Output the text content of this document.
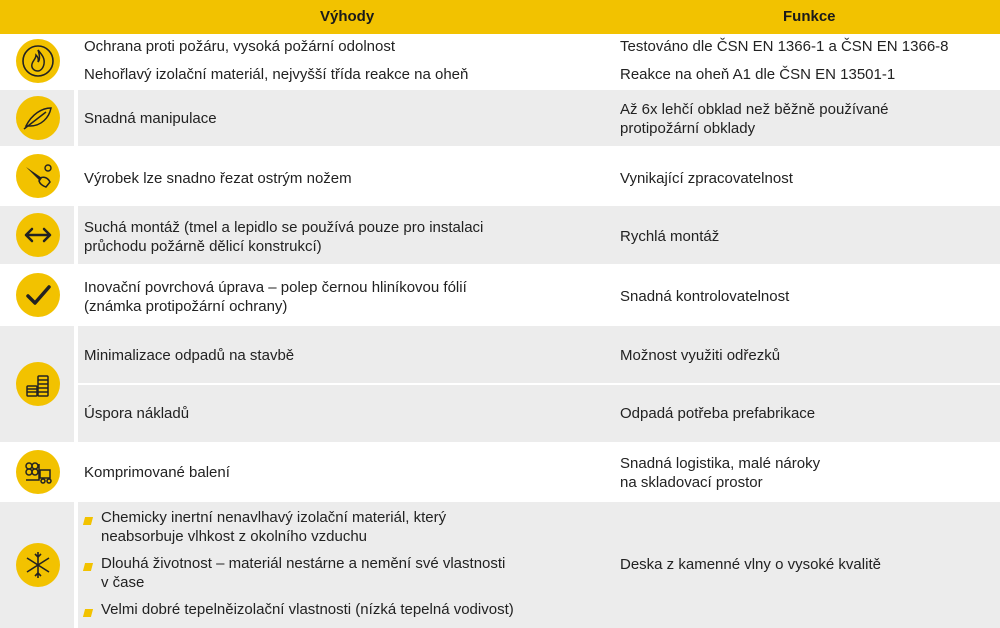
Výhody	Funkce
Ochrana proti požáru, vysoká požární odolnost
Nehořlavý izolační materiál, nejvyšší třída reakce na oheň
Testováno dle ČSN EN 1366-1 a ČSN EN 1366-8
Reakce na oheň A1 dle ČSN EN 13501-1
Snadná manipulace
Až 6x lehčí obklad než běžně používané
protipožární obklady
Výrobek lze snadno řezat ostrým nožem	Vynikající zpracovatelnost
Suchá montáž (tmel a lepidlo se používá pouze pro instalaci
průchodu požárně dělicí konstrukcí)
Rychlá montáž
Inovační povrchová úprava – polep černou hliníkovou fólií
(známka protipožární ochrany)
Snadná kontrolovatelnost
Minimalizace odpadů na stavbě
Úspora nákladů
Možnost využiti odřezků
Odpadá potřeba prefabrikace
Komprimované balení
Snadná logistika, malé nároky
na skladovací prostor
Chemicky inertní nenavlhavý izolační materiál, který
neabsorbuje vlhkost z okolního vzduchu
Dlouhá životnost – materiál nestárne a nemění své vlastnosti
v čase
Velmi dobré tepelněizolační vlastnosti (nízká tepelná vodivost)
Deska z kamenné vlny o vysoké kvalitě
